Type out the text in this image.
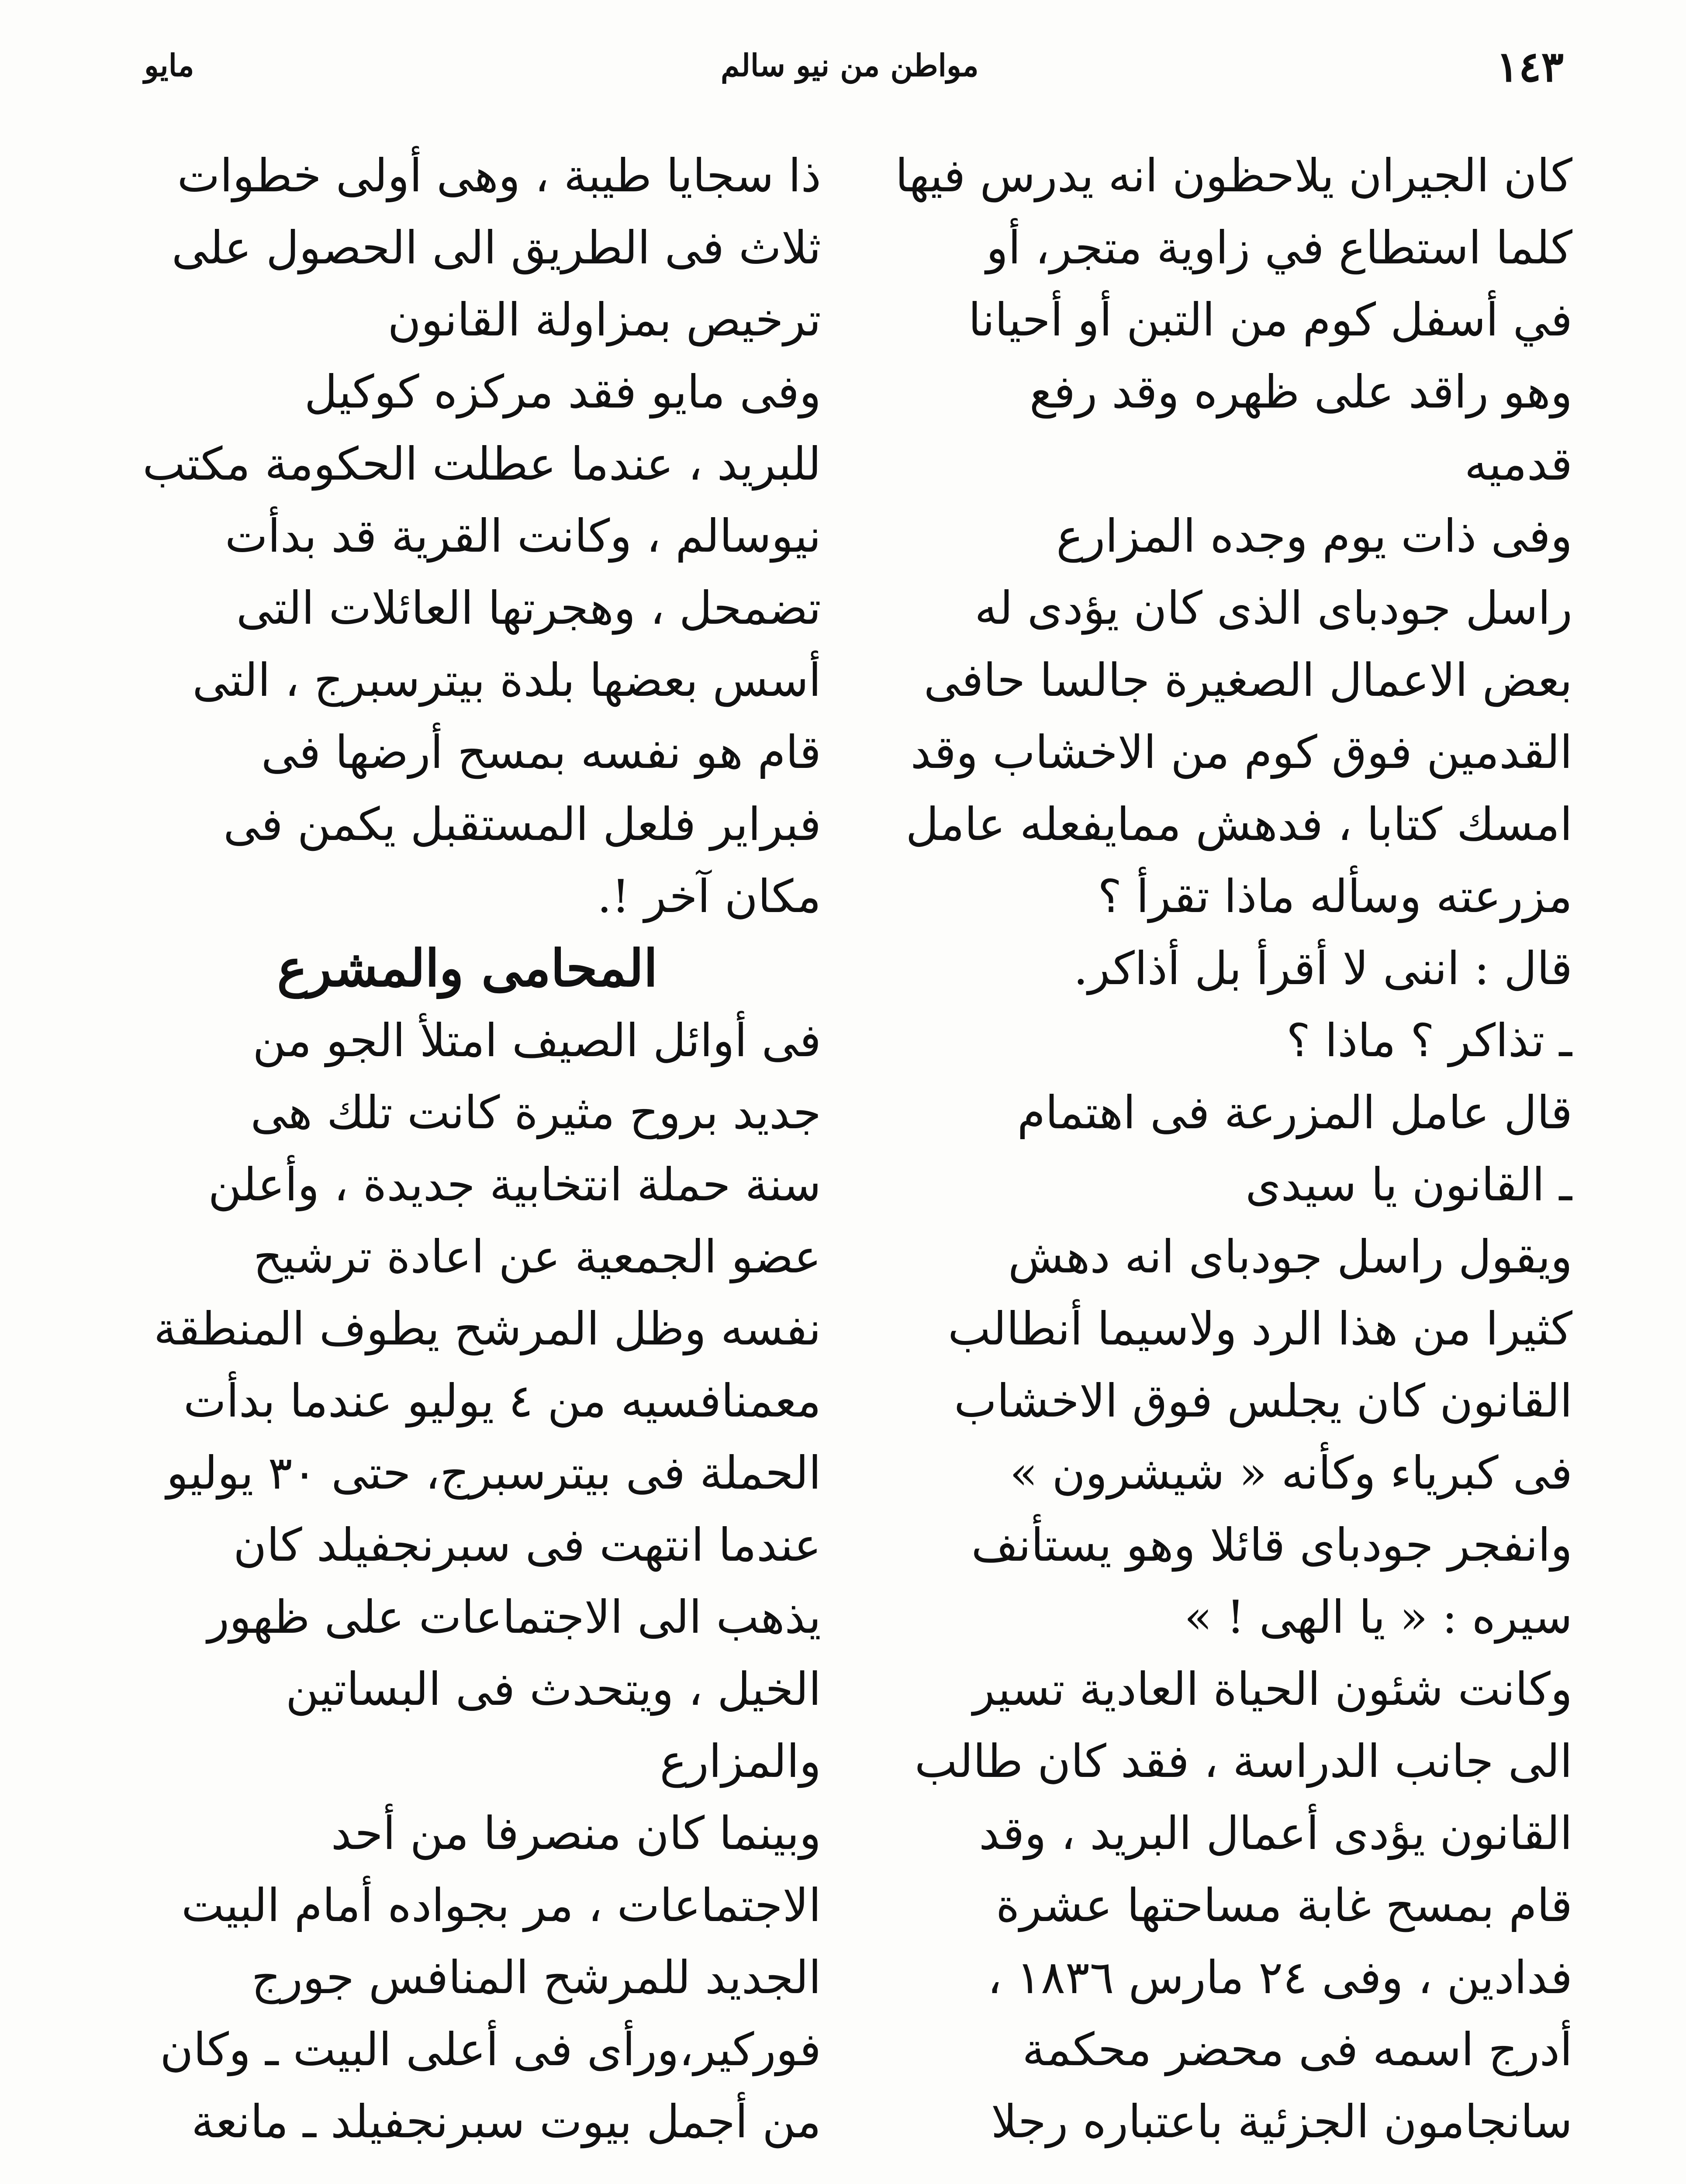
مايو	مواطن من نيو سالم	١٤٣
كان الجيران يلاحظون انه يدرس فيها
كلما استطاع في زاوية متجر، أو
في أسفل كوم من التبن أو أحيانا
وهو راقد على ظهره وقد رفع
قدميه
وفى ذات يوم وجده المزارع
راسل جودباى الذى كان يؤدى له
بعض الاعمال الصغيرة جالسا حافى
القدمين فوق كوم من الاخشاب وقد
امسك كتابا ، فدهش ممايفعله عامل
مزرعته وسأله ماذا تقرأ ؟
قال : اننى لا أقرأ بل أذاكر.
ـ تذاكر ؟ ماذا ؟
قال عامل المزرعة فى اهتمام
ـ القانون يا سيدى
ويقول راسل جودباى انه دهش
كثيرا من هذا الرد ولاسيما أنطالب
القانون كان يجلس فوق الاخشاب
فى كبرياء وكأنه « شيشرون »
وانفجر جودباى قائلا وهو يستأنف
سيره : « يا الهى ! »
وكانت شئون الحياة العادية تسير
الى جانب الدراسة ، فقد كان طالب
القانون يؤدى أعمال البريد ، وقد
قام بمسح غابة مساحتها عشرة
فدادين ، وفى ٢٤ مارس ١٨٣٦ ،
أدرج اسمه فى محضر محكمة
سانجامون الجزئية باعتباره رجلا
ذا سجايا طيبة ، وهى أولى خطوات
ثلاث فى الطريق الى الحصول على
ترخيص بمزاولة القانون
وفى مايو فقد مركزه كوكيل
للبريد ، عندما عطلت الحكومة مكتب
نيوسالم ، وكانت القرية قد بدأت
تضمحل ، وهجرتها العائلات التى
أسس بعضها بلدة بيترسبرج ، التى
قام هو نفسه بمسح أرضها فى
فبراير فلعل المستقبل يكمن فى
مكان آخر !.
المحامى والمشرع
فى أوائل الصيف امتلأ الجو من
جديد بروح مثيرة كانت تلك هى
سنة حملة انتخابية جديدة ، وأعلن
عضو الجمعية عن اعادة ترشيح
نفسه وظل المرشح يطوف المنطقة
معمنافسيه من ٤ يوليو عندما بدأت
الحملة فى بيترسبرج، حتى ٣٠ يوليو
عندما انتهت فى سبرنجفيلد كان
يذهب الى الاجتماعات على ظهور
الخيل ، ويتحدث فى البساتين
والمزارع
وبينما كان منصرفا من أحد
الاجتماعات ، مر بجواده أمام البيت
الجديد للمرشح المنافس جورج
فوركير،ورأى فى أعلى البيت ـ وكان
من أجمل بيوت سبرنجفيلد ـ مانعة
